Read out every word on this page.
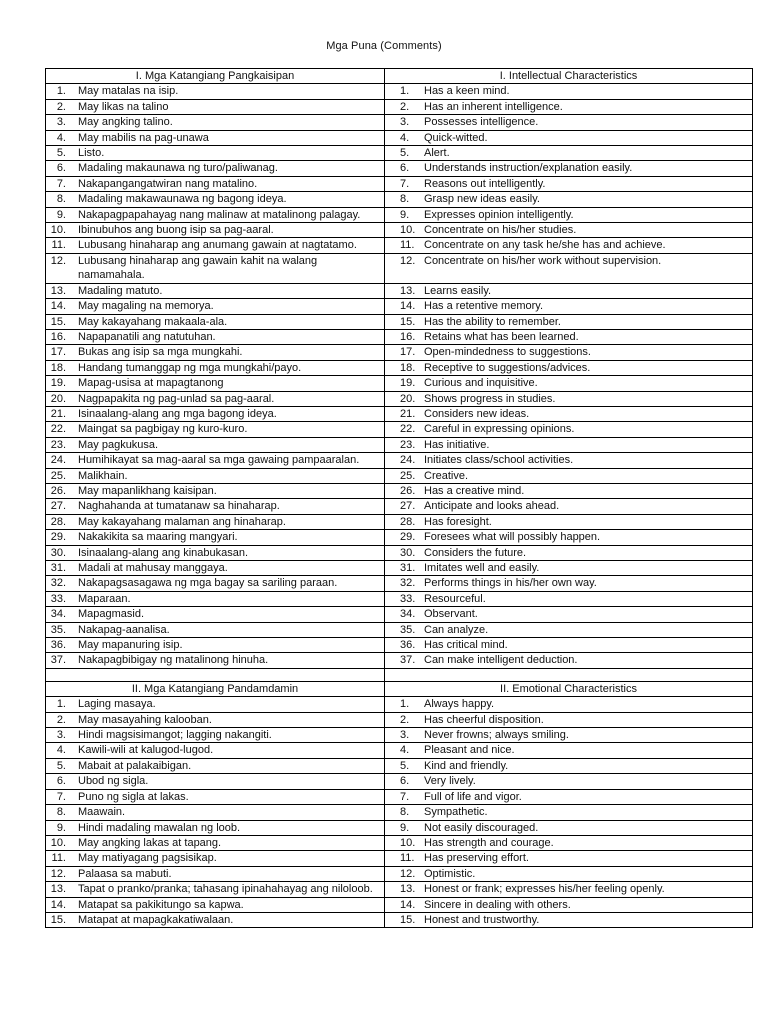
Mga Puna (Comments)
I. Mga Katangiang Pangkaisipan	I. Intellectual Characteristics

1. May matalas na isip.	1. Has a keen mind.

2. May likas na talino	2. Has an inherent intelligence.

3. May angking talino.	3. Possesses intelligence.

4. May mabilis na pag-unawa	4. Quick-witted.

5. Listo.	5. Alert.

6. Madaling makaunawa ng turo/paliwanag.	6. Understands instruction/explanation easily.

7. Nakapangangatwiran nang matalino.	7. Reasons out intelligently.

8. Madaling makawaunawa ng bagong ideya.	8. Grasp new ideas easily.

9. Nakapagpapahayag nang malinaw at matalinong palagay.	9. Expresses opinion intelligently.

10. Ibinubuhos ang buong isip sa pag-aaral.	10. Concentrate on his/her studies.

11. Lubusang hinaharap ang anumang gawain at nagtatamo.	11. Concentrate on any task he/she has and achieve.

12. Lubusang hinaharap ang gawain kahit na walang namamahala.	12. Concentrate on his/her work without supervision.

13. Madaling matuto.	13. Learns easily.

14. May magaling na memorya.	14. Has a retentive memory.

15. May kakayahang makaala-ala.	15. Has the ability to remember.

16. Napapanatili ang natutuhan.	16. Retains what has been learned.

17. Bukas ang isip sa mga mungkahi.	17. Open-mindedness to suggestions.

18. Handang tumanggap ng mga mungkahi/payo.	18. Receptive to suggestions/advices.

19. Mapag-usisa at mapagtanong	19. Curious and inquisitive.

20. Nagpapakita ng pag-unlad sa pag-aaral.	20. Shows progress in studies.

21. Isinaalang-alang ang mga bagong ideya.	21. Considers new ideas.

22. Maingat sa pagbigay ng kuro-kuro.	22. Careful in expressing opinions.

23. May pagkukusa.	23. Has initiative.

24. Humihikayat sa mag-aaral sa mga gawaing pampaaralan.	24. Initiates class/school activities.

25. Malikhain.	25. Creative.

26. May mapanlikhang kaisipan.	26. Has a creative mind.

27. Naghahanda at tumatanaw sa hinaharap.	27. Anticipate and looks ahead.

28. May kakayahang malaman ang hinaharap.	28. Has foresight.

29. Nakakikita sa maaring mangyari.	29. Foresees what will possibly happen.

30. Isinaalang-alang ang kinabukasan.	30. Considers the future.

31. Madali at mahusay manggaya.	31. Imitates well and easily.

32. Nakapagsasagawa ng mga bagay sa sariling paraan.	32. Performs things in his/her own way.

33. Maparaan.	33. Resourceful.

34. Mapagmasid.	34. Observant.

35. Nakapag-aanalisa.	35. Can analyze.

36. May mapanuring isip.	36. Has critical mind.

37. Nakapagbibigay ng matalinong hinuha.	37. Can make intelligent deduction.

II. Mga Katangiang Pandamdamin	II. Emotional Characteristics

1. Laging masaya.	1. Always happy.

2. May masayahing kalooban.	2. Has cheerful disposition.

3. Hindi magsisimangot; lagging nakangiti.	3. Never frowns; always smiling.

4. Kawili-wili at kalugod-lugod.	4. Pleasant and nice.

5. Mabait at palakaibigan.	5. Kind and friendly.

6. Ubod ng sigla.	6. Very lively.

7. Puno ng sigla at lakas.	7. Full of life and vigor.

8. Maawain.	8. Sympathetic.

9. Hindi madaling mawalan ng loob.	9. Not easily discouraged.

10. May angking lakas at tapang.	10. Has strength and courage.

11. May matiyagang pagsisikap.	11. Has preserving effort.

12. Palaasa sa mabuti.	12. Optimistic.

13. Tapat o pranko/pranka; tahasang ipinahahayag ang niloloob.	13. Honest or frank; expresses his/her feeling openly.

14. Matapat sa pakikitungo sa kapwa.	14. Sincere in dealing with others.

15. Matapat at mapagkakatiwalaan.	15. Honest and trustworthy.
